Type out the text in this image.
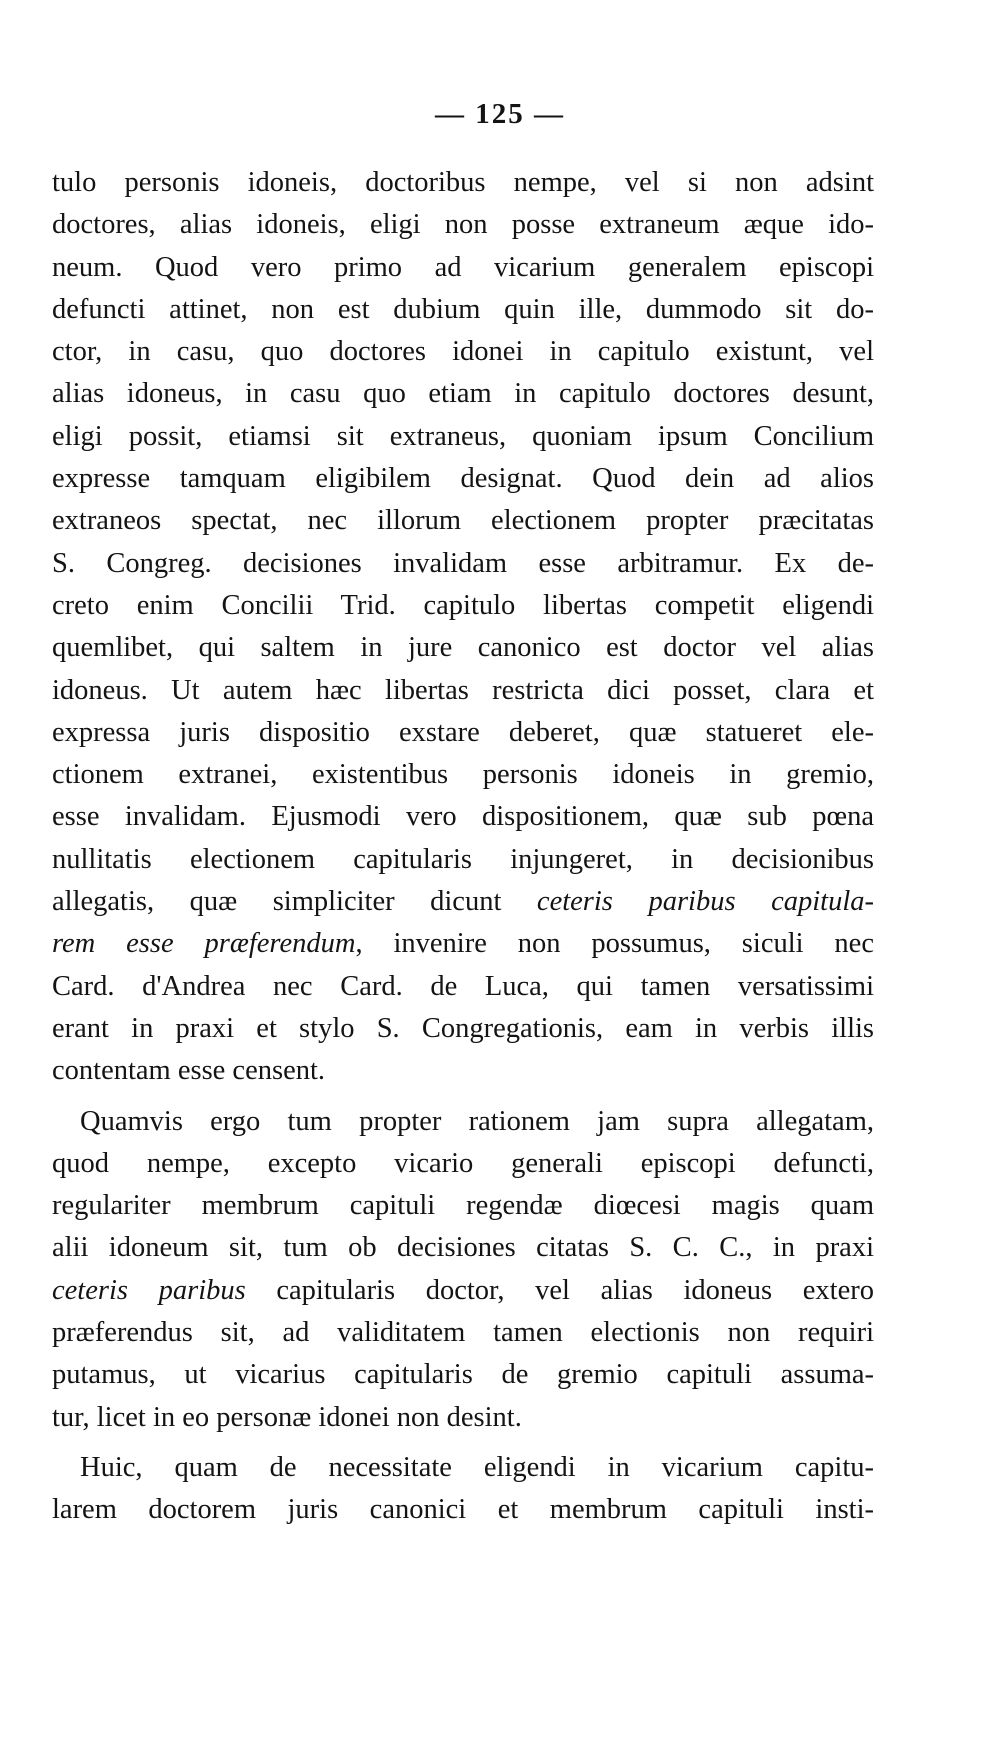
— 125 —
tulo personis idoneis, doctoribus nempe, vel si non adsint
doctores, alias idoneis, eligi non posse extraneum æque ido-
neum. Quod vero primo ad vicarium generalem episcopi
defuncti attinet, non est dubium quin ille, dummodo sit do-
ctor, in casu, quo doctores idonei in capitulo existunt, vel
alias idoneus, in casu quo etiam in capitulo doctores desunt,
eligi possit, etiamsi sit extraneus, quoniam ipsum Concilium
expresse tamquam eligibilem designat. Quod dein ad alios
extraneos spectat, nec illorum electionem propter præcitatas
S. Congreg. decisiones invalidam esse arbitramur. Ex de-
creto enim Concilii Trid. capitulo libertas competit eligendi
quemlibet, qui saltem in jure canonico est doctor vel alias
idoneus. Ut autem hæc libertas restricta dici posset, clara et
expressa juris dispositio exstare deberet, quæ statueret ele-
ctionem extranei, existentibus personis idoneis in gremio,
esse invalidam. Ejusmodi vero dispositionem, quæ sub pœna
nullitatis electionem capitularis injungeret, in decisionibus
allegatis, quæ simpliciter dicunt ceteris paribus capitula-
rem esse præferendum, invenire non possumus, siculi nec
Card. d'Andrea nec Card. de Luca, qui tamen versatissimi
erant in praxi et stylo S. Congregationis, eam in verbis illis
contentam esse censent.
Quamvis ergo tum propter rationem jam supra allegatam,
quod nempe, excepto vicario generali episcopi defuncti,
regulariter membrum capituli regendæ diœcesi magis quam
alii idoneum sit, tum ob decisiones citatas S. C. C., in praxi
ceteris paribus capitularis doctor, vel alias idoneus extero
præferendus sit, ad validitatem tamen electionis non requiri
putamus, ut vicarius capitularis de gremio capituli assuma-
tur, licet in eo personæ idonei non desint.
Huic, quam de necessitate eligendi in vicarium capitu-
larem doctorem juris canonici et membrum capituli insti-
